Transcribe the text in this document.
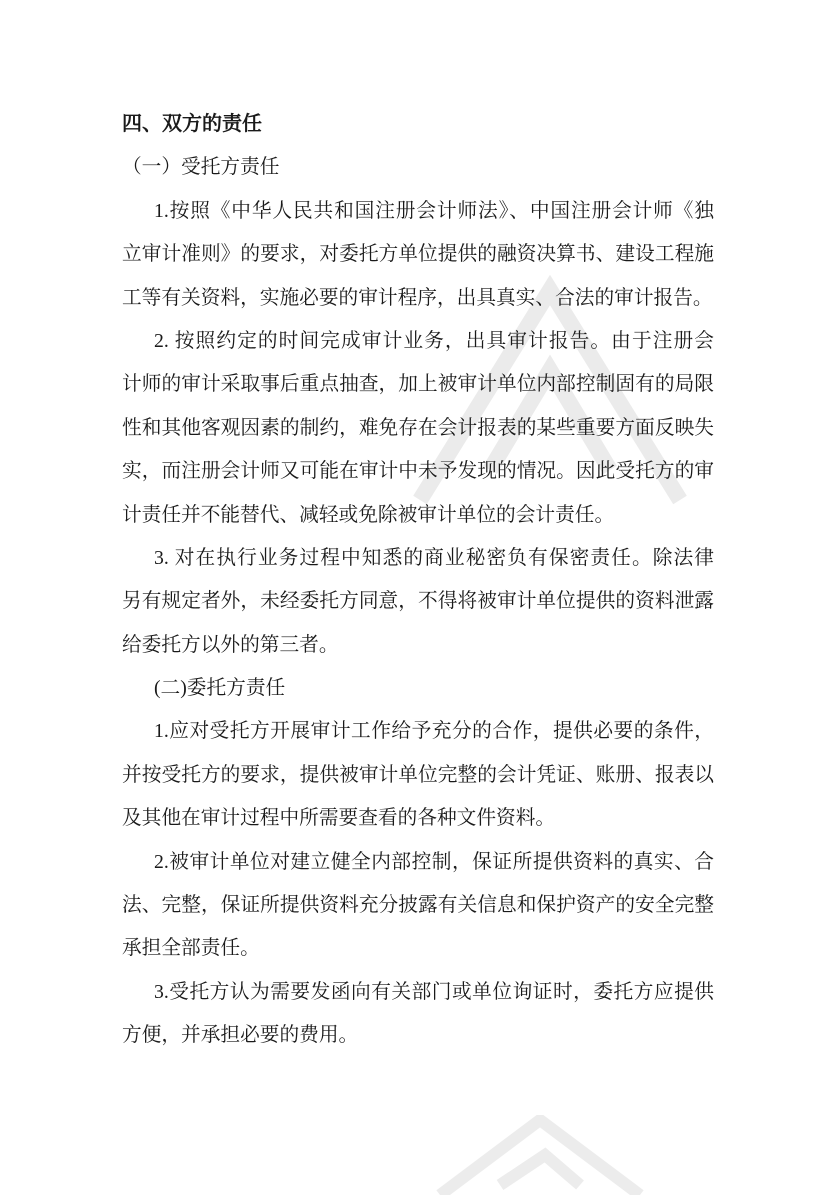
四、双方的责任
（一）受托方责任
1.按照《中华人民共和国注册会计师法》、中国注册会计师《独
立审计准则》的要求，对委托方单位提供的融资决算书、建设工程施
工等有关资料，实施必要的审计程序，出具真实、合法的审计报告。
2. 按照约定的时间完成审计业务，出具审计报告。由于注册会
计师的审计采取事后重点抽查，加上被审计单位内部控制固有的局限
性和其他客观因素的制约，难免存在会计报表的某些重要方面反映失
实，而注册会计师又可能在审计中未予发现的情况。因此受托方的审
计责任并不能替代、减轻或免除被审计单位的会计责任。
3. 对在执行业务过程中知悉的商业秘密负有保密责任。除法律
另有规定者外，未经委托方同意，不得将被审计单位提供的资料泄露
给委托方以外的第三者。
(二)委托方责任
1.应对受托方开展审计工作给予充分的合作，提供必要的条件，
并按受托方的要求，提供被审计单位完整的会计凭证、账册、报表以
及其他在审计过程中所需要查看的各种文件资料。
2.被审计单位对建立健全内部控制，保证所提供资料的真实、合
法、完整，保证所提供资料充分披露有关信息和保护资产的安全完整
承担全部责任。
3.受托方认为需要发函向有关部门或单位询证时，委托方应提供
方便，并承担必要的费用。
